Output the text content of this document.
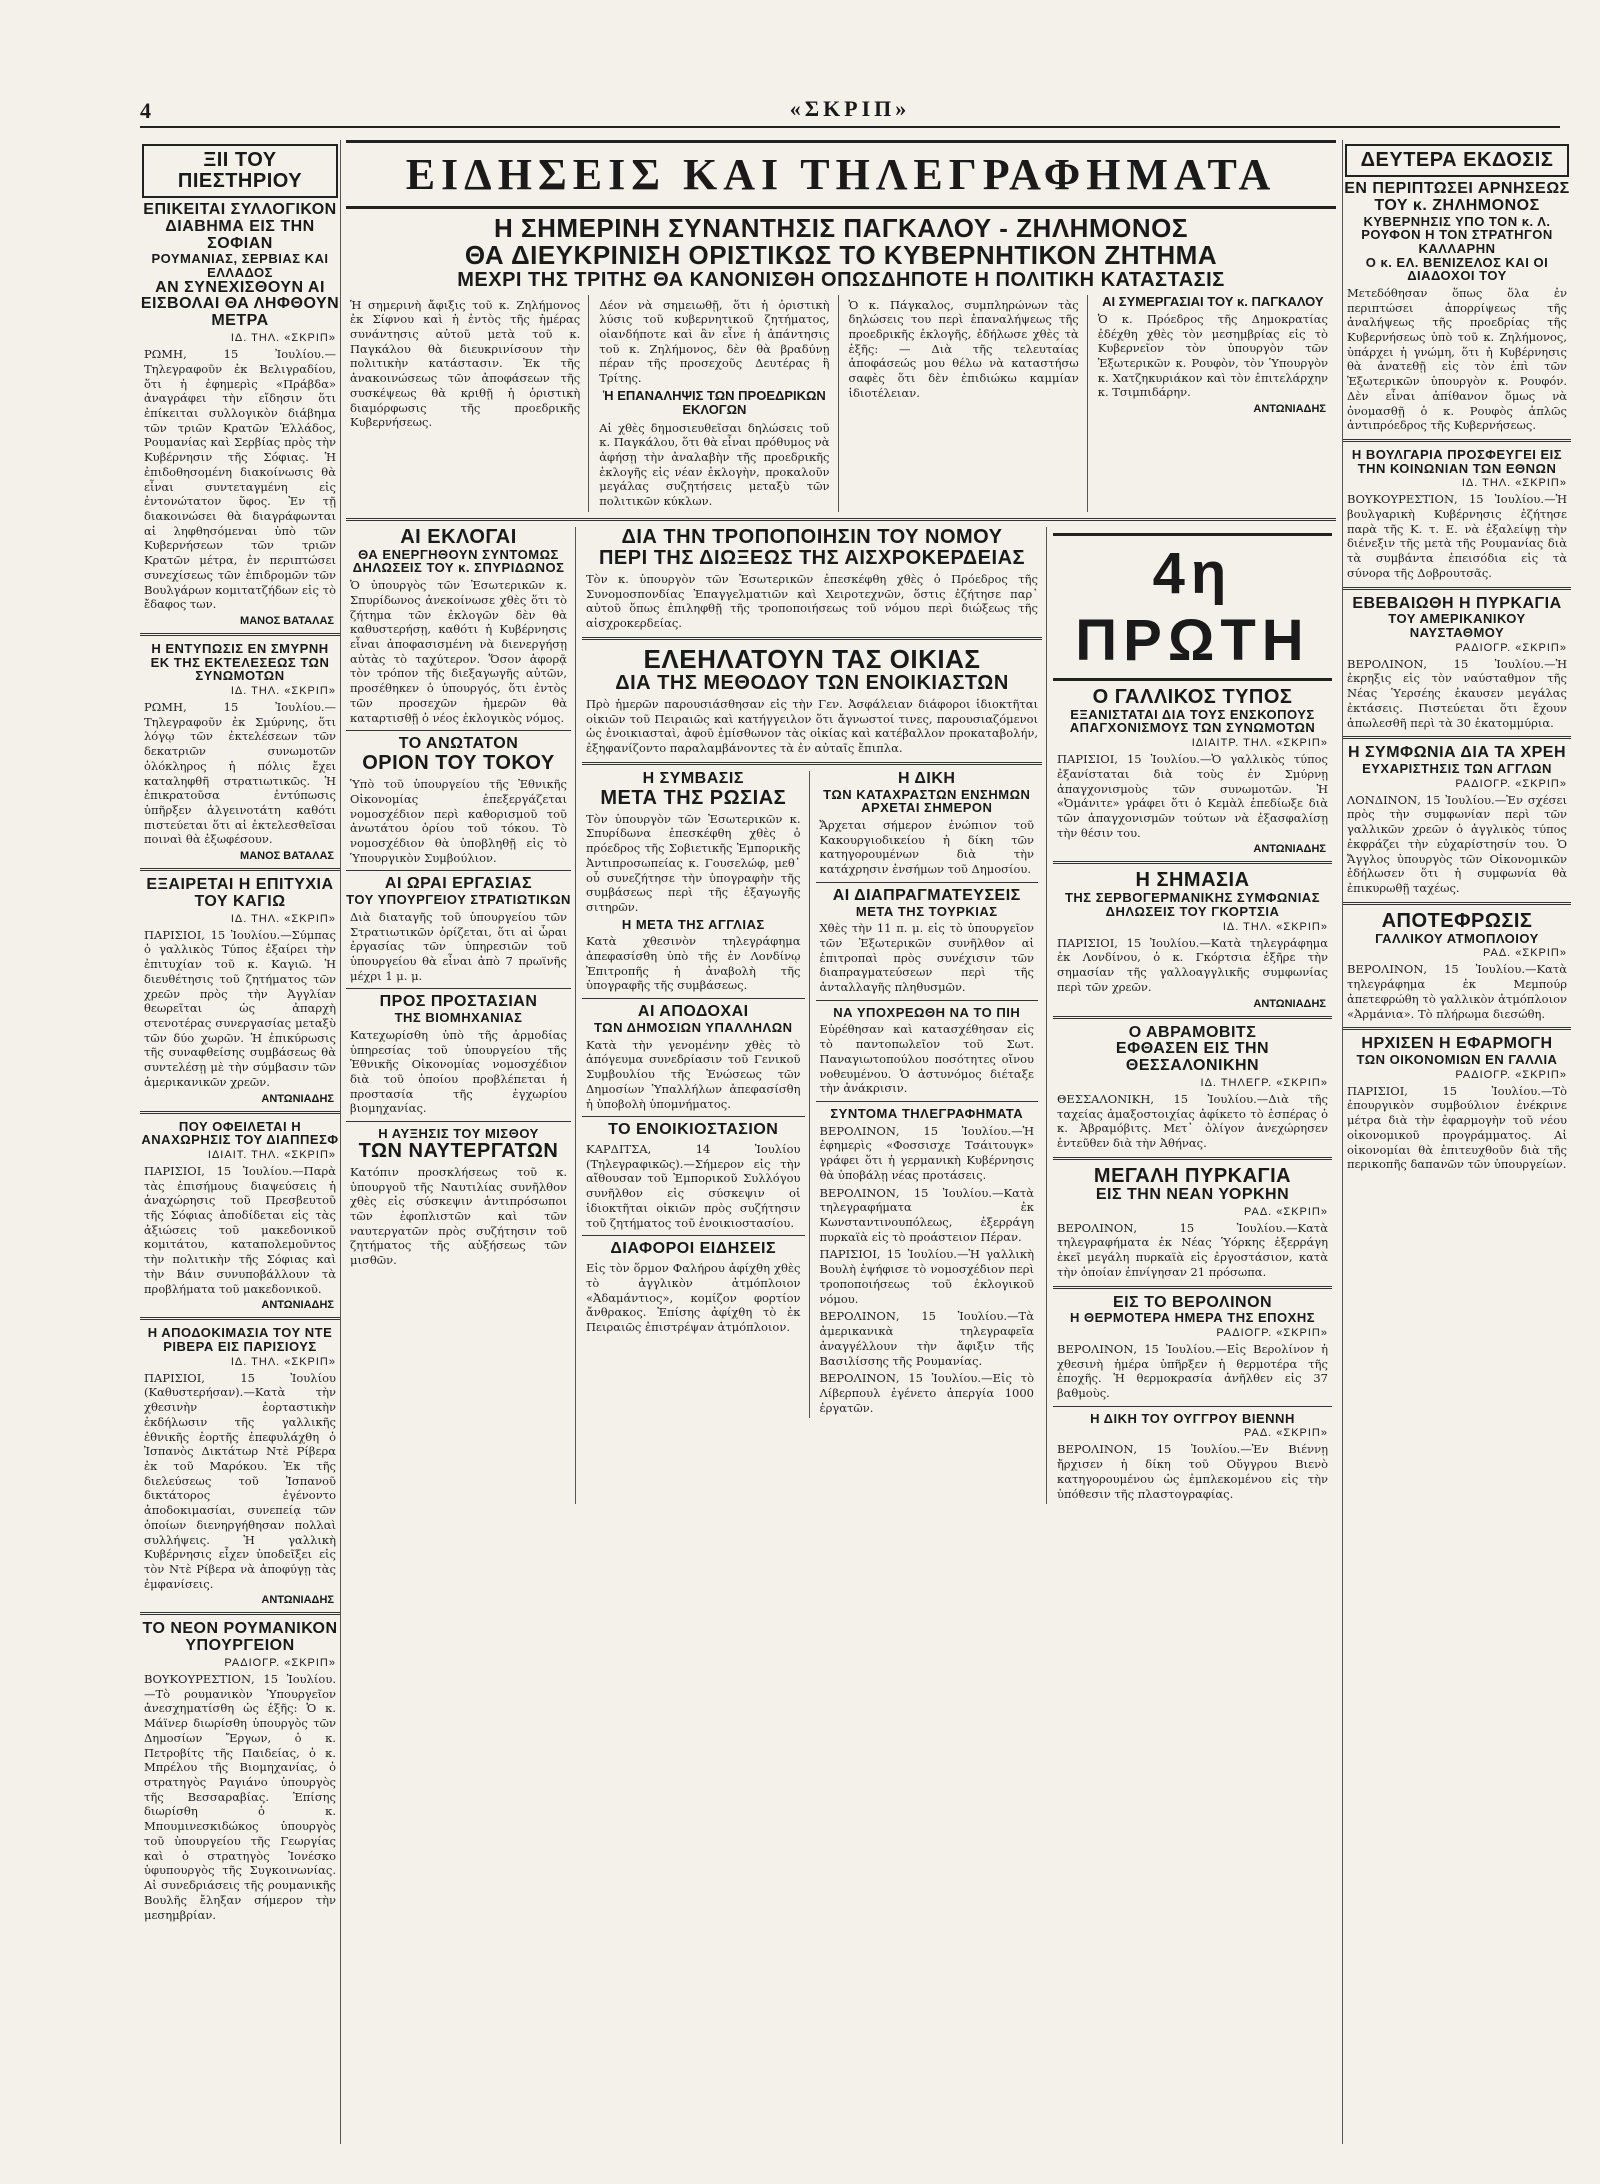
4	«ΣΚΡΙΠ»
ΞΙΙ ΤΟΥ ΠΙΕΣΤΗΡΙΟΥ
ΕΠΙΚΕΙΤΑΙ ΣΥΛΛΟΓΙΚΟΝ ΔΙΑΒΗΜΑ ΕΙΣ ΤΗΝ ΣΟΦΙΑΝ
ΡΟΥΜΑΝΙΑΣ, ΣΕΡΒΙΑΣ ΚΑΙ ΕΛΛΑΔΟΣ
ΑΝ ΣΥΝΕΧΙΣΘΟΥΝ ΑΙ ΕΙΣΒΟΛΑΙ ΘΑ ΛΗΦΘΟΥΝ ΜΕΤΡΑ
ΙΔ. ΤΗΛ. «ΣΚΡΙΠ»

ΡΩΜΗ, 15 Ἰουλίου.—Τηλεγραφοῦν ἐκ Βελιγραδίου, ὅτι ἡ ἐφημερὶς «Πράβδα» ἀναγράφει τὴν εἴδησιν ὅτι ἐπίκειται συλλογικὸν διάβημα τῶν τριῶν Κρατῶν Ἑλλάδος, Ρουμανίας καὶ Σερβίας πρὸς τὴν Κυβέρνησιν τῆς Σόφιας. Ἡ ἐπιδοθησομένη διακοίνωσις θὰ εἶναι συντεταγμένη εἰς ἐντονώτατον ὕφος. Ἐν τῇ διακοινώσει θὰ διαγράφωνται αἱ ληφθησόμεναι ὑπὸ τῶν Κυβερνήσεων τῶν τριῶν Κρατῶν μέτρα, ἐν περιπτώσει συνεχίσεως τῶν ἐπιδρομῶν τῶν Βουλγάρων κομιτατζήδων εἰς τὸ ἔδαφος των.

ΜΑΝΟΣ ΒΑΤΑΛΑΣ
Η ΕΝΤΥΠΩΣΙΣ ΕΝ ΣΜΥΡΝΗ ΕΚ ΤΗΣ ΕΚΤΕΛΕΣΕΩΣ ΤΩΝ ΣΥΝΩΜΟΤΩΝ
ΙΔ. ΤΗΛ. «ΣΚΡΙΠ»

ΡΩΜΗ, 15 Ἰουλίου.—Τηλεγραφοῦν ἐκ Σμύρνης, ὅτι λόγῳ τῶν ἐκτελέσεων τῶν δεκατριῶν συνωμοτῶν ὁλόκληρος ἡ πόλις ἔχει καταληφθῆ στρατιωτικῶς. Ἡ ἐπικρατοῦσα ἐντύπωσις ὑπῆρξεν ἀλγεινοτάτη καθότι πιστεύεται ὅτι αἱ ἐκτελεσθεῖσαι ποιναὶ θὰ ἐξωφέσουν.

ΜΑΝΟΣ ΒΑΤΑΛΑΣ
ΕΞΑΙΡΕΤΑΙ Η ΕΠΙΤΥΧΙΑ ΤΟΥ ΚΑΓΙΩ
ΙΔ. ΤΗΛ. «ΣΚΡΙΠ»

ΠΑΡΙΣΙΟΙ, 15 Ἰουλίου.—Σύμπας ὁ γαλλικὸς Τύπος ἐξαίρει τὴν ἐπιτυχίαν τοῦ κ. Καγιῶ. Ἡ διευθέτησις τοῦ ζητήματος τῶν χρεῶν πρὸς τὴν Ἀγγλίαν θεωρεῖται ὡς ἀπαρχὴ στενοτέρας συνεργασίας μεταξὺ τῶν δύο χωρῶν. Ἡ ἐπικύρωσις τῆς συναφθείσης συμβάσεως θὰ συντελέσῃ μὲ τὴν σύμβασιν τῶν ἀμερικανικῶν χρεῶν.

ΑΝΤΩΝΙΑΔΗΣ
ΠΟΥ ΟΦΕΙΛΕΤΑΙ Η ΑΝΑΧΩΡΗΣΙΣ ΤΟΥ ΔΙΑΠΠΕΣΦ
ΙΔΙΑΙΤ. ΤΗΛ. «ΣΚΡΙΠ»

ΠΑΡΙΣΙΟΙ, 15 Ἰουλίου.—Παρὰ τὰς ἐπισήμους διαψεύσεις ἡ ἀναχώρησις τοῦ Πρεσβευτοῦ τῆς Σόφιας ἀποδίδεται εἰς τὰς ἀξιώσεις τοῦ μακεδονικοῦ κομιτάτου, καταπολεμοῦντος τὴν πολιτικὴν τῆς Σόφιας καὶ τὴν Βάιν συνυποβάλλουν τὰ προβλήματα τοῦ μακεδονικοῦ.

ΑΝΤΩΝΙΑΔΗΣ
Η ΑΠΟΔΟΚΙΜΑΣΙΑ ΤΟΥ ΝΤΕ ΡΙΒΕΡΑ ΕΙΣ ΠΑΡΙΣΙΟΥΣ
ΙΔ. ΤΗΛ. «ΣΚΡΙΠ»

ΠΑΡΙΣΙΟΙ, 15 Ἰουλίου (Καθυστερήσαν).—Κατὰ τὴν χθεσινὴν ἑορταστικὴν ἐκδήλωσιν τῆς γαλλικῆς ἐθνικῆς ἑορτῆς ἐπεφυλάχθη ὁ Ἰσπανὸς Δικτάτωρ Ντὲ Ρίβερα ἐκ τοῦ Μαρόκου. Ἐκ τῆς διελεύσεως τοῦ Ἰσπανοῦ δικτάτορος ἐγένοντο ἀποδοκιμασίαι, συνεπείᾳ τῶν ὁποίων διενηργήθησαν πολλαὶ συλλήψεις. Ἡ γαλλικὴ Κυβέρνησις εἶχεν ὑποδεῖξει εἰς τὸν Ντὲ Ρίβερα νὰ ἀποφύγῃ τὰς ἐμφανίσεις.

ΑΝΤΩΝΙΑΔΗΣ
ΤΟ ΝΕΟΝ ΡΟΥΜΑΝΙΚΟΝ ΥΠΟΥΡΓΕΙΟΝ
ΡΑΔΙΟΓΡ. «ΣΚΡΙΠ»

ΒΟΥΚΟΥΡΕΣΤΙΟΝ, 15 Ἰουλίου.—Τὸ ρουμανικὸν Ὑπουργεῖον ἀνεσχηματίσθη ὡς ἑξῆς: Ὁ κ. Μάϊνερ διωρίσθη ὑπουργὸς τῶν Δημοσίων Ἔργων, ὁ κ. Πετροβίτς τῆς Παιδείας, ὁ κ. Μπρέλου τῆς Βιομηχανίας, ὁ στρατηγὸς Ραγιάνο ὑπουργὸς τῆς Βεσσαραβίας. Ἐπίσης διωρίσθη ὁ κ. Μπουμινεσκιδώκος ὑπουργὸς τοῦ ὑπουργείου τῆς Γεωργίας καὶ ὁ στρατηγὸς Ἰονέσκο ὑφυπουργὸς τῆς Συγκοινωνίας. Αἱ συνεδριάσεις τῆς ρουμανικῆς Βουλῆς ἔληξαν σήμερον τὴν μεσημβρίαν.

ΕΙΔΗΣΕΙΣ ΚΑΙ ΤΗΛΕΓΡΑΦΗΜΑΤΑ
Η ΣΗΜΕΡΙΝΗ ΣΥΝΑΝΤΗΣΙΣ ΠΑΓΚΑΛΟΥ - ΖΗΛΗΜΟΝΟΣ
ΘΑ ΔΙΕΥΚΡΙΝΙΣΗ ΟΡΙΣΤΙΚΩΣ ΤΟ ΚΥΒΕΡΝΗΤΙΚΟΝ ΖΗΤΗΜΑ
ΜΕΧΡΙ ΤΗΣ ΤΡΙΤΗΣ ΘΑ ΚΑΝΟΝΙΣΘΗ ΟΠΩΣΔΗΠΟΤΕ Η ΠΟΛΙΤΙΚΗ ΚΑΤΑΣΤΑΣΙΣ

Ἡ σημερινὴ ἄφιξις τοῦ κ. Ζηλήμονος ἐκ Σίφνου καὶ ἡ ἐντὸς τῆς ἡμέρας συνάντησις αὐτοῦ μετὰ τοῦ κ. Παγκάλου θὰ διευκρινίσουν τὴν πολιτικὴν κατάστασιν. Ἐκ τῆς ἀνακοινώσεως τῶν ἀποφάσεων τῆς συσκέψεως θὰ κριθῇ ἡ ὁριστικὴ διαμόρφωσις τῆς προεδρικῆς Κυβερνήσεως.

Δέον νὰ σημειωθῇ, ὅτι ἡ ὁριστικὴ λύσις τοῦ κυβερνητικοῦ ζητήματος, οἱανδήποτε καὶ ἂν εἶνε ἡ ἀπάντησις τοῦ κ. Ζηλήμονος, δὲν θὰ βραδύνῃ πέραν τῆς προσεχοῦς Δευτέρας ἢ Τρίτης.

Ἡ ΕΠΑΝΑΛΗΨΙΣ ΤΩΝ ΠΡΟΕΔΡΙΚΩΝ ΕΚΛΟΓΩΝ

Αἱ χθὲς δημοσιευθεῖσαι δηλώσεις τοῦ κ. Παγκάλου, ὅτι θὰ εἶναι πρόθυμος νὰ ἀφήσῃ τὴν ἀναλαβὴν τῆς προεδρικῆς ἐκλογῆς εἰς νέαν ἐκλογὴν, προκαλοῦν μεγάλας συζητήσεις μεταξὺ τῶν πολιτικῶν κύκλων.

Ὁ κ. Πάγκαλος, συμπληρώνων τὰς δηλώσεις του περὶ ἐπαναλήψεως τῆς προεδρικῆς ἐκλογῆς, ἐδήλωσε χθὲς τὰ ἑξῆς: — Διὰ τῆς τελευταίας ἀποφάσεώς μου θέλω νὰ καταστήσω σαφὲς ὅτι δὲν ἐπιδιώκω καμμίαν ἰδιοτέλειαν.

ΑΙ ΣΥΜΕΡΓΑΣΙΑΙ ΤΟΥ κ. ΠΑΓΚΑΛΟΥ

Ὁ κ. Πρόεδρος τῆς Δημοκρατίας ἐδέχθη χθὲς τὸν μεσημβρίας εἰς τὸ Κυβερνεῖον τὸν ὑπουργὸν τῶν Ἐξωτερικῶν κ. Ρουφὸν, τὸν Ὑπουργὸν κ. Χατζηκυριάκον καὶ τὸν ἐπιτελάρχην κ. Τσιμπιδάρην.

ΑΝΤΩΝΙΑΔΗΣ
ΑΙ ΕΚΛΟΓΑΙ
ΘΑ ΕΝΕΡΓΗΘΟΥΝ ΣΥΝΤΟΜΩΣ
ΔΗΛΩΣΕΙΣ ΤΟΥ κ. ΣΠΥΡΙΔΩΝΟΣ

Ὁ ὑπουργὸς τῶν Ἐσωτερικῶν κ. Σπυρίδωνος ἀνεκοίνωσε χθὲς ὅτι τὸ ζήτημα τῶν ἐκλογῶν δὲν θὰ καθυστερήσῃ, καθότι ἡ Κυβέρνησις εἶναι ἀποφασισμένη νὰ διενεργήσῃ αὐτὰς τὸ ταχύτερον. Ὅσον ἀφορᾷ τὸν τρόπον τῆς διεξαγωγῆς αὐτῶν, προσέθηκεν ὁ ὑπουργός, ὅτι ἐντὸς τῶν προσεχῶν ἡμερῶν θὰ καταρτισθῇ ὁ νέος ἐκλογικὸς νόμος.

ΤΟ ΑΝΩΤΑΤΟΝ
ΟΡΙΟΝ ΤΟΥ ΤΟΚΟΥ

Ὑπὸ τοῦ ὑπουργείου τῆς Ἐθνικῆς Οἰκονομίας ἐπεξεργάζεται νομοσχέδιον περὶ καθορισμοῦ τοῦ ἀνωτάτου ὁρίου τοῦ τόκου. Τὸ νομοσχέδιον θὰ ὑποβληθῇ εἰς τὸ Ὑπουργικὸν Συμβούλιον.

ΑΙ ΩΡΑΙ ΕΡΓΑΣΙΑΣ
ΤΟΥ ΥΠΟΥΡΓΕΙΟΥ ΣΤΡΑΤΙΩΤΙΚΩΝ

Διὰ διαταγῆς τοῦ ὑπουργείου τῶν Στρατιωτικῶν ὁρίζεται, ὅτι αἱ ὧραι ἐργασίας τῶν ὑπηρεσιῶν τοῦ ὑπουργείου θὰ εἶναι ἀπὸ 7 πρωϊνῆς μέχρι 1 μ. μ.

ΠΡΟΣ ΠΡΟΣΤΑΣΙΑΝ
ΤΗΣ ΒΙΟΜΗΧΑΝΙΑΣ

Κατεχωρίσθη ὑπὸ τῆς ἀρμοδίας ὑπηρεσίας τοῦ ὑπουργείου τῆς Ἐθνικῆς Οἰκονομίας νομοσχέδιον διὰ τοῦ ὁποίου προβλέπεται ἡ προστασία τῆς ἐγχωρίου βιομηχανίας.

Η ΑΥΞΗΣΙΣ ΤΟΥ ΜΙΣΘΟΥ
ΤΩΝ ΝΑΥΤΕΡΓΑΤΩΝ

Κατόπιν προσκλήσεως τοῦ κ. ὑπουργοῦ τῆς Ναυτιλίας συνῆλθον χθὲς εἰς σύσκεψιν ἀντιπρόσωποι τῶν ἐφοπλιστῶν καὶ τῶν ναυτεργατῶν πρὸς συζήτησιν τοῦ ζητήματος τῆς αὐξήσεως τῶν μισθῶν.

ΔΙΑ ΤΗΝ ΤΡΟΠΟΠΟΙΗΣΙΝ ΤΟΥ ΝΟΜΟΥ
ΠΕΡΙ ΤΗΣ ΔΙΩΞΕΩΣ ΤΗΣ ΑΙΣΧΡΟΚΕΡΔΕΙΑΣ

Τὸν κ. ὑπουργὸν τῶν Ἐσωτερικῶν ἐπεσκέφθη χθὲς ὁ Πρόεδρος τῆς Συνομοσπονδίας Ἐπαγγελματιῶν καὶ Χειροτεχνῶν, ὅστις ἐζήτησε παρ᾿ αὐτοῦ ὅπως ἐπιληφθῇ τῆς τροποποιήσεως τοῦ νόμου περὶ διώξεως τῆς αἰσχροκερδείας.

ΕΛΕΗΛΑΤΟΥΝ ΤΑΣ ΟΙΚΙΑΣ
ΔΙΑ ΤΗΣ ΜΕΘΟΔΟΥ ΤΩΝ ΕΝΟΙΚΙΑΣΤΩΝ

Πρὸ ἡμερῶν παρουσιάσθησαν εἰς τὴν Γεν. Ἀσφάλειαν διάφοροι ἰδιοκτῆται οἰκιῶν τοῦ Πειραιῶς καὶ κατήγγειλον ὅτι ἄγνωστοί τινες, παρουσιαζόμενοι ὡς ἐνοικιασταὶ, ἀφοῦ ἐμίσθωνον τὰς οἰκίας καὶ κατέβαλλον προκαταβολήν, ἐξηφανίζοντο παραλαμβάνοντες τὰ ἐν αὐταῖς ἔπιπλα.

Η ΣΥΜΒΑΣΙΣ
ΜΕΤΑ ΤΗΣ ΡΩΣΙΑΣ

Τὸν ὑπουργὸν τῶν Ἐσωτερικῶν κ. Σπυρίδωνα ἐπεσκέφθη χθὲς ὁ πρόεδρος τῆς Σοβιετικῆς Ἐμπορικῆς Ἀντιπροσωπείας κ. Γουσελώφ, μεθ᾿ οὗ συνεζήτησε τὴν ὑπογραφὴν τῆς συμβάσεως περὶ τῆς ἐξαγωγῆς σιτηρῶν.

Η ΜΕΤΑ ΤΗΣ ΑΓΓΛΙΑΣ

Κατὰ χθεσινὸν τηλεγράφημα ἀπεφασίσθη ὑπὸ τῆς ἐν Λονδίνῳ Ἐπιτροπῆς ἡ ἀναβολὴ τῆς ὑπογραφῆς τῆς συμβάσεως.

ΑΙ ΑΠΟΔΟΧΑΙ
ΤΩΝ ΔΗΜΟΣΙΩΝ ΥΠΑΛΛΗΛΩΝ

Κατὰ τὴν γενομένην χθὲς τὸ ἀπόγευμα συνεδρίασιν τοῦ Γενικοῦ Συμβουλίου τῆς Ἑνώσεως τῶν Δημοσίων Ὑπαλλήλων ἀπεφασίσθη ἡ ὑποβολὴ ὑπομνήματος.

ΤΟ ΕΝΟΙΚΙΟΣΤΑΣΙΟΝ

ΚΑΡΔΙΤΣΑ, 14 Ἰουλίου (Τηλεγραφικῶς).—Σήμερον εἰς τὴν αἴθουσαν τοῦ Ἐμπορικοῦ Συλλόγου συνῆλθον εἰς σύσκεψιν οἱ ἰδιοκτῆται οἰκιῶν πρὸς συζήτησιν τοῦ ζητήματος τοῦ ἐνοικιοστασίου.

ΔΙΑΦΟΡΟΙ ΕΙΔΗΣΕΙΣ

Εἰς τὸν ὅρμον Φαλήρου ἀφίχθη χθὲς τὸ ἀγγλικὸν ἀτμόπλοιον «Ἀδαμάντιος», κομίζον φορτίον ἄνθρακος. Ἐπίσης ἀφίχθη τὸ ἐκ Πειραιῶς ἐπιστρέψαν ἀτμόπλοιον.

Η ΔΙΚΗ
ΤΩΝ ΚΑΤΑΧΡΑΣΤΩΝ ΕΝΣΗΜΩΝ
ΑΡΧΕΤΑΙ ΣΗΜΕΡΟΝ

Ἄρχεται σήμερον ἐνώπιον τοῦ Κακουργιοδικείου ἡ δίκη τῶν κατηγορουμένων διὰ τὴν κατάχρησιν ἐνσήμων τοῦ Δημοσίου.

ΑΙ ΔΙΑΠΡΑΓΜΑΤΕΥΣΕΙΣ
ΜΕΤΑ ΤΗΣ ΤΟΥΡΚΙΑΣ

Χθὲς τὴν 11 π. μ. εἰς τὸ ὑπουργεῖον τῶν Ἐξωτερικῶν συνῆλθον αἱ ἐπιτροπαὶ πρὸς συνέχισιν τῶν διαπραγματεύσεων περὶ τῆς ἀνταλλαγῆς πληθυσμῶν.

ΝΑ ΥΠΟΧΡΕΩΘΗ ΝΑ ΤΟ ΠΙΗ

Εὐρέθησαν καὶ κατασχέθησαν εἰς τὸ παντοπωλεῖον τοῦ Σωτ. Παναγιωτοπούλου ποσότητες οἴνου νοθευμένου. Ὁ ἀστυνόμος διέταξε τὴν ἀνάκρισιν.

ΣΥΝΤΟΜΑ ΤΗΛΕΓΡΑΦΗΜΑΤΑ

ΒΕΡΟΛΙΝΟΝ, 15 Ἰουλίου.—Ἡ ἐφημερὶς «Φοσσισχε Τσάιτουγκ» γράφει ὅτι ἡ γερμανικὴ Κυβέρνησις θὰ ὑποβάλῃ νέας προτάσεις.

ΒΕΡΟΛΙΝΟΝ, 15 Ἰουλίου.—Κατὰ τηλεγραφήματα ἐκ Κωνσταντινουπόλεως, ἐξερράγη πυρκαϊὰ εἰς τὸ προάστειον Πέραν.

ΠΑΡΙΣΙΟΙ, 15 Ἰουλίου.—Ἡ γαλλικὴ Βουλὴ ἐψήφισε τὸ νομοσχέδιον περὶ τροποποιήσεως τοῦ ἐκλογικοῦ νόμου.

ΒΕΡΟΛΙΝΟΝ, 15 Ἰουλίου.—Τὰ ἀμερικανικὰ τηλεγραφεῖα ἀναγγέλλουν τὴν ἄφιξιν τῆς Βασιλίσσης τῆς Ρουμανίας.

ΒΕΡΟΛΙΝΟΝ, 15 Ἰουλίου.—Εἰς τὸ Λίβερπουλ ἐγένετο ἀπεργία 1000 ἐργατῶν.

4η ΠΡΩΤΗ
Ο ΓΑΛΛΙΚΟΣ ΤΥΠΟΣ
ΕΞΑΝΙΣΤΑΤΑΙ ΔΙΑ ΤΟΥΣ ΕΝΣΚΟΠΟΥΣ ΑΠΑΓΧΟΝΙΣΜΟΥΣ ΤΩΝ ΣΥΝΩΜΟΤΩΝ
ΙΔΙΑΙΤΡ. ΤΗΛ. «ΣΚΡΙΠ»

ΠΑΡΙΣΙΟΙ, 15 Ἰουλίου.—Ὁ γαλλικὸς τύπος ἐξανίσταται διὰ τοὺς ἐν Σμύρνῃ ἀπαγχονισμοὺς τῶν συνωμοτῶν. Ἡ «Ὀμάνιτε» γράφει ὅτι ὁ Κεμὰλ ἐπεδίωξε διὰ τῶν ἀπαγχονισμῶν τούτων νὰ ἐξασφαλίσῃ τὴν θέσιν του.

ΑΝΤΩΝΙΑΔΗΣ
Η ΣΗΜΑΣΙΑ
ΤΗΣ ΣΕΡΒΟΓΕΡΜΑΝΙΚΗΣ ΣΥΜΦΩΝΙΑΣ
ΔΗΛΩΣΕΙΣ ΤΟΥ ΓΚΟΡΤΣΙΑ
ΙΔ. ΤΗΛ. «ΣΚΡΙΠ»

ΠΑΡΙΣΙΟΙ, 15 Ἰουλίου.—Κατὰ τηλεγράφημα ἐκ Λονδίνου, ὁ κ. Γκόρτσια ἐξῆρε τὴν σημασίαν τῆς γαλλοαγγλικῆς συμφωνίας περὶ τῶν χρεῶν.

ΑΝΤΩΝΙΑΔΗΣ
Ο ΑΒΡΑΜΟΒΙΤΣ
ΕΦΘΑΣΕΝ ΕΙΣ ΤΗΝ ΘΕΣΣΑΛΟΝΙΚΗΝ
ΙΔ. ΤΗΛΕΓΡ. «ΣΚΡΙΠ»

ΘΕΣΣΑΛΟΝΙΚΗ, 15 Ἰουλίου.—Διὰ τῆς ταχείας ἀμαξοστοιχίας ἀφίκετο τὸ ἑσπέρας ὁ κ. Ἀβραμόβιτς. Μετ᾿ ὀλίγον ἀνεχώρησεν ἐντεῦθεν διὰ τὴν Ἀθήνας.

ΜΕΓΑΛΗ ΠΥΡΚΑΓΙΑ
ΕΙΣ ΤΗΝ ΝΕΑΝ ΥΟΡΚΗΝ
ΡΑΔ. «ΣΚΡΙΠ»

ΒΕΡΟΛΙΝΟΝ, 15 Ἰουλίου.—Κατὰ τηλεγραφήματα ἐκ Νέας Ὑόρκης ἐξερράγη ἐκεῖ μεγάλη πυρκαϊὰ εἰς ἐργοστάσιον, κατὰ τὴν ὁποίαν ἐπνίγησαν 21 πρόσωπα.

ΕΙΣ ΤΟ ΒΕΡΟΛΙΝΟΝ
Η ΘΕΡΜΟΤΕΡΑ ΗΜΕΡΑ ΤΗΣ ΕΠΟΧΗΣ
ΡΑΔΙΟΓΡ. «ΣΚΡΙΠ»

ΒΕΡΟΛΙΝΟΝ, 15 Ἰουλίου.—Εἰς Βερολίνον ἡ χθεσινὴ ἡμέρα ὑπῆρξεν ἡ θερμοτέρα τῆς ἐποχῆς. Ἡ θερμοκρασία ἀνῆλθεν εἰς 37 βαθμοὺς.

Η ΔΙΚΗ ΤΟΥ ΟΥΓΓΡΟΥ ΒΙΕΝΝΗ
ΡΑΔ. «ΣΚΡΙΠ»

ΒΕΡΟΛΙΝΟΝ, 15 Ἰουλίου.—Ἐν Βιέννῃ ἤρχισεν ἡ δίκη τοῦ Οὔγγρου Βιενὸ κατηγορουμένου ὡς ἐμπλεκομένου εἰς τὴν ὑπόθεσιν τῆς πλαστογραφίας.

ΔΕΥΤΕΡΑ ΕΚΔΟΣΙΣ
ΕΝ ΠΕΡΙΠΤΩΣΕΙ ΑΡΝΗΣΕΩΣ ΤΟΥ κ. ΖΗΛΗΜΟΝΟΣ
ΚΥΒΕΡΝΗΣΙΣ ΥΠΟ ΤΟΝ κ. Λ. ΡΟΥΦΟΝ Η ΤΟΝ ΣΤΡΑΤΗΓΟΝ ΚΑΛΛΑΡΗΝ
Ο κ. ΕΛ. ΒΕΝΙΖΕΛΟΣ ΚΑΙ ΟΙ ΔΙΑΔΟΧΟΙ ΤΟΥ

Μετεδόθησαν ὅπως ὅλα ἐν περιπτώσει ἀπορρίψεως τῆς ἀναλήψεως τῆς προεδρίας τῆς Κυβερνήσεως ὑπὸ τοῦ κ. Ζηλήμονος, ὑπάρχει ἡ γνώμη, ὅτι ἡ Κυβέρνησις θὰ ἀνατεθῇ εἰς τὸν ἐπὶ τῶν Ἐξωτερικῶν ὑπουργὸν κ. Ρουφόν. Δὲν εἶναι ἀπίθανον ὅμως νὰ ὀνομασθῇ ὁ κ. Ρουφὸς ἁπλῶς ἀντιπρόεδρος τῆς Κυβερνήσεως.

Η ΒΟΥΛΓΑΡΙΑ ΠΡΟΣΦΕΥΓΕΙ ΕΙΣ ΤΗΝ ΚΟΙΝΩΝΙΑΝ ΤΩΝ ΕΘΝΩΝ
ΙΔ. ΤΗΛ. «ΣΚΡΙΠ»

ΒΟΥΚΟΥΡΕΣΤΙΟΝ, 15 Ἰουλίου.—Ἡ βουλγαρικὴ Κυβέρνησις ἐζήτησε παρὰ τῆς Κ. τ. Ε. νὰ ἐξαλείψῃ τὴν διένεξιν τῆς μετὰ τῆς Ρουμανίας διὰ τὰ συμβάντα ἐπεισόδια εἰς τὰ σύνορα τῆς Δοβρουτσᾶς.

ΕΒΕΒΑΙΩΘΗ Η ΠΥΡΚΑΓΙΑ
ΤΟΥ ΑΜΕΡΙΚΑΝΙΚΟΥ ΝΑΥΣΤΑΘΜΟΥ
ΡΑΔΙΟΓΡ. «ΣΚΡΙΠ»

ΒΕΡΟΛΙΝΟΝ, 15 Ἰουλίου.—Ἡ ἐκρηξις εἰς τὸν ναύσταθμον τῆς Νέας Ὑερσέης ἐκαυσεν μεγάλας ἐκτάσεις. Πιστεύεται ὅτι ἔχουν ἀπωλεσθῆ περὶ τὰ 30 ἑκατομμύρια.

Η ΣΥΜΦΩΝΙΑ ΔΙΑ ΤΑ ΧΡΕΗ
ΕΥΧΑΡΙΣΤΗΣΙΣ ΤΩΝ ΑΓΓΛΩΝ
ΡΑΔΙΟΓΡ. «ΣΚΡΙΠ»

ΛΟΝΔΙΝΟΝ, 15 Ἰουλίου.—Ἐν σχέσει πρὸς τὴν συμφωνίαν περὶ τῶν γαλλικῶν χρεῶν ὁ ἀγγλικὸς τύπος ἐκφράζει τὴν εὐχαρίστησίν του. Ὁ Ἄγγλος ὑπουργὸς τῶν Οἰκονομικῶν ἐδήλωσεν ὅτι ἡ συμφωνία θὰ ἐπικυρωθῇ ταχέως.

ΑΠΟΤΕΦΡΩΣΙΣ
ΓΑΛΛΙΚΟΥ ΑΤΜΟΠΛΟΙΟΥ
ΡΑΔ. «ΣΚΡΙΠ»

ΒΕΡΟΛΙΝΟΝ, 15 Ἰουλίου.—Κατὰ τηλεγράφημα ἐκ Μεμπούρ ἀπετεφρώθη τὸ γαλλικὸν ἀτμόπλοιον «Ἀρμάνια». Τὸ πλήρωμα διεσώθη.

ΗΡΧΙΣΕΝ Η ΕΦΑΡΜΟΓΗ
ΤΩΝ ΟΙΚΟΝΟΜΙΩΝ ΕΝ ΓΑΛΛΙΑ
ΡΑΔΙΟΓΡ. «ΣΚΡΙΠ»

ΠΑΡΙΣΙΟΙ, 15 Ἰουλίου.—Τὸ ἐπουργικὸν συμβούλιον ἐνέκρινε μέτρα διὰ τὴν ἐφαρμογὴν τοῦ νέου οἰκονομικοῦ προγράμματος. Αἱ οἰκονομίαι θὰ ἐπιτευχθοῦν διὰ τῆς περικοπῆς δαπανῶν τῶν ὑπουργείων.
